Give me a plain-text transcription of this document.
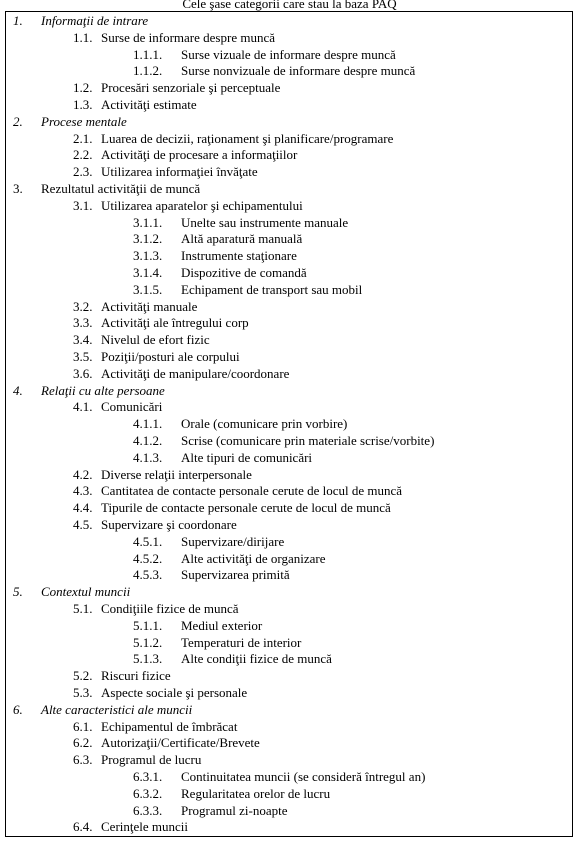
Cele şase categorii care stau la baza PAQ
1. Informaţii de intrare
1.1. Surse de informare despre muncă
1.1.1. Surse vizuale de informare despre muncă
1.1.2. Surse nonvizuale de informare despre muncă
1.2. Procesări senzoriale şi perceptuale
1.3. Activităţi estimate
2. Procese mentale
2.1. Luarea de decizii, raţionament şi planificare/programare
2.2. Activităţi de procesare a informaţiilor
2.3. Utilizarea informaţiei învăţate
3. Rezultatul activităţii de muncă
3.1. Utilizarea aparatelor şi echipamentului
3.1.1. Unelte sau instrumente manuale
3.1.2. Altă aparatură manuală
3.1.3. Instrumente staţionare
3.1.4. Dispozitive de comandă
3.1.5. Echipament de transport sau mobil
3.2. Activităţi manuale
3.3. Activităţi ale întregului corp
3.4. Nivelul de efort fizic
3.5. Poziţii/posturi ale corpului
3.6. Activităţi de manipulare/coordonare
4. Relaţii cu alte persoane
4.1. Comunicări
4.1.1. Orale (comunicare prin vorbire)
4.1.2. Scrise (comunicare prin materiale scrise/vorbite)
4.1.3. Alte tipuri de comunicări
4.2. Diverse relaţii interpersonale
4.3. Cantitatea de contacte personale cerute de locul de muncă
4.4. Tipurile de contacte personale cerute de locul de muncă
4.5. Supervizare şi coordonare
4.5.1. Supervizare/dirijare
4.5.2. Alte activităţi de organizare
4.5.3. Supervizarea primită
5. Contextul muncii
5.1. Condiţiile fizice de muncă
5.1.1. Mediul exterior
5.1.2. Temperaturi de interior
5.1.3. Alte condiţii fizice de muncă
5.2. Riscuri fizice
5.3. Aspecte sociale şi personale
6. Alte caracteristici ale muncii
6.1. Echipamentul de îmbrăcat
6.2. Autorizaţii/Certificate/Brevete
6.3. Programul de lucru
6.3.1. Continuitatea muncii (se consideră întregul an)
6.3.2. Regularitatea orelor de lucru
6.3.3. Programul zi-noapte
6.4. Cerinţele muncii
